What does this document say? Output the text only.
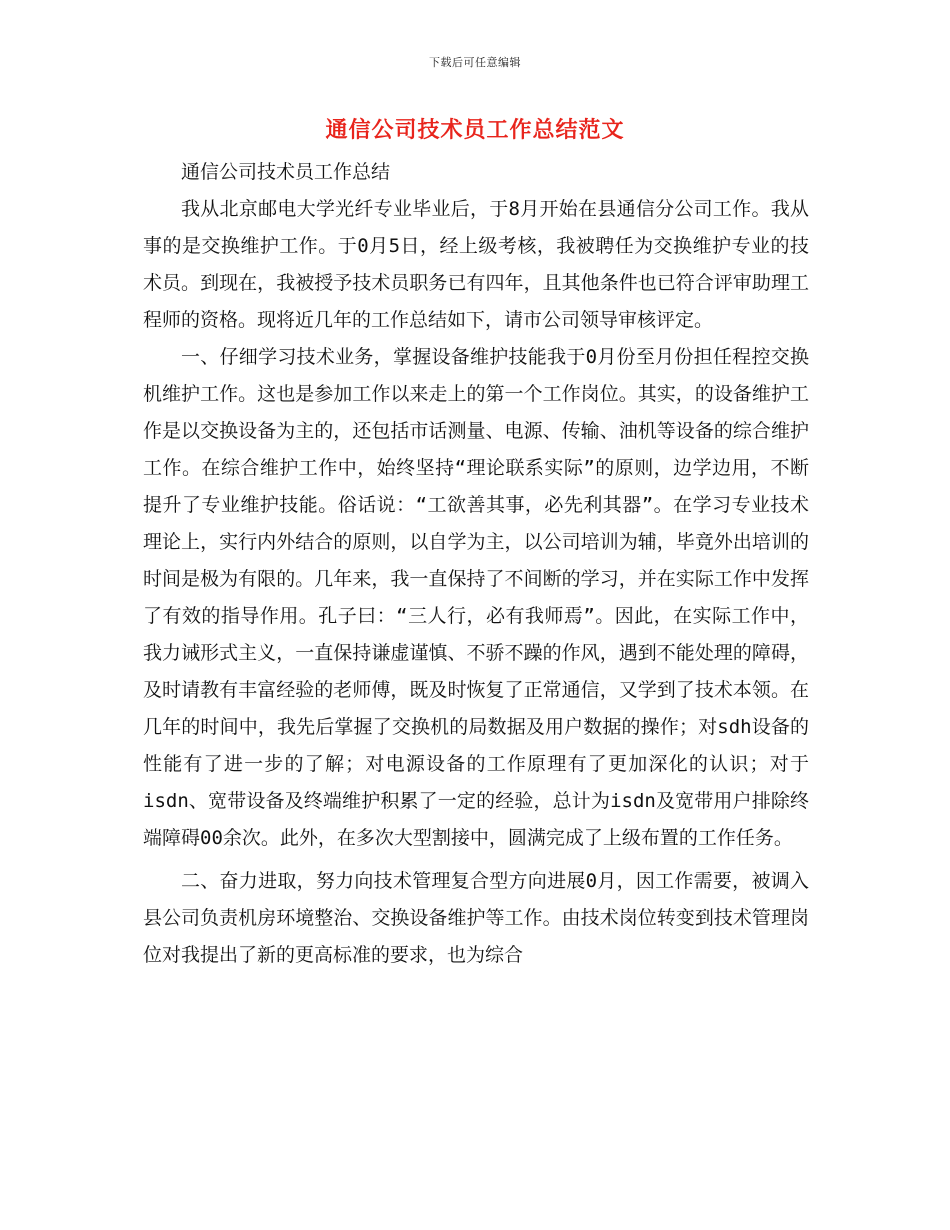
下载后可任意编辑
通信公司技术员工作总结范文

通信公司技术员工作总结

我从北京邮电大学光纤专业毕业后，于8月开始在县通信分公司工作。我从事的是交换维护工作。于0月5日，经上级考核，我被聘任为交换维护专业的技术员。到现在，我被授予技术员职务已有四年，且其他条件也已符合评审助理工程师的资格。现将近几年的工作总结如下，请市公司领导审核评定。

一、仔细学习技术业务，掌握设备维护技能我于0月份至月份担任程控交换机维护工作。这也是参加工作以来走上的第一个工作岗位。其实，的设备维护工作是以交换设备为主的，还包括市话测量、电源、传输、油机等设备的综合维护工作。在综合维护工作中，始终坚持“理论联系实际”的原则，边学边用，不断提升了专业维护技能。俗话说：“工欲善其事，必先利其器”。在学习专业技术理论上，实行内外结合的原则，以自学为主，以公司培训为辅，毕竟外出培训的时间是极为有限的。几年来，我一直保持了不间断的学习，并在实际工作中发挥了有效的指导作用。孔子曰：“三人行，必有我师焉”。因此，在实际工作中，我力诫形式主义，一直保持谦虚谨慎、不骄不躁的作风，遇到不能处理的障碍，及时请教有丰富经验的老师傅，既及时恢复了正常通信，又学到了技术本领。在几年的时间中，我先后掌握了交换机的局数据及用户数据的操作；对sdh设备的性能有了进一步的了解；对电源设备的工作原理有了更加深化的认识；对于isdn、宽带设备及终端维护积累了一定的经验，总计为isdn及宽带用户排除终端障碍00余次。此外，在多次大型割接中，圆满完成了上级布置的工作任务。

二、奋力进取，努力向技术管理复合型方向进展0月，因工作需要，被调入县公司负责机房环境整治、交换设备维护等工作。由技术岗位转变到技术管理岗位对我提出了新的更高标准的要求，也为综合
